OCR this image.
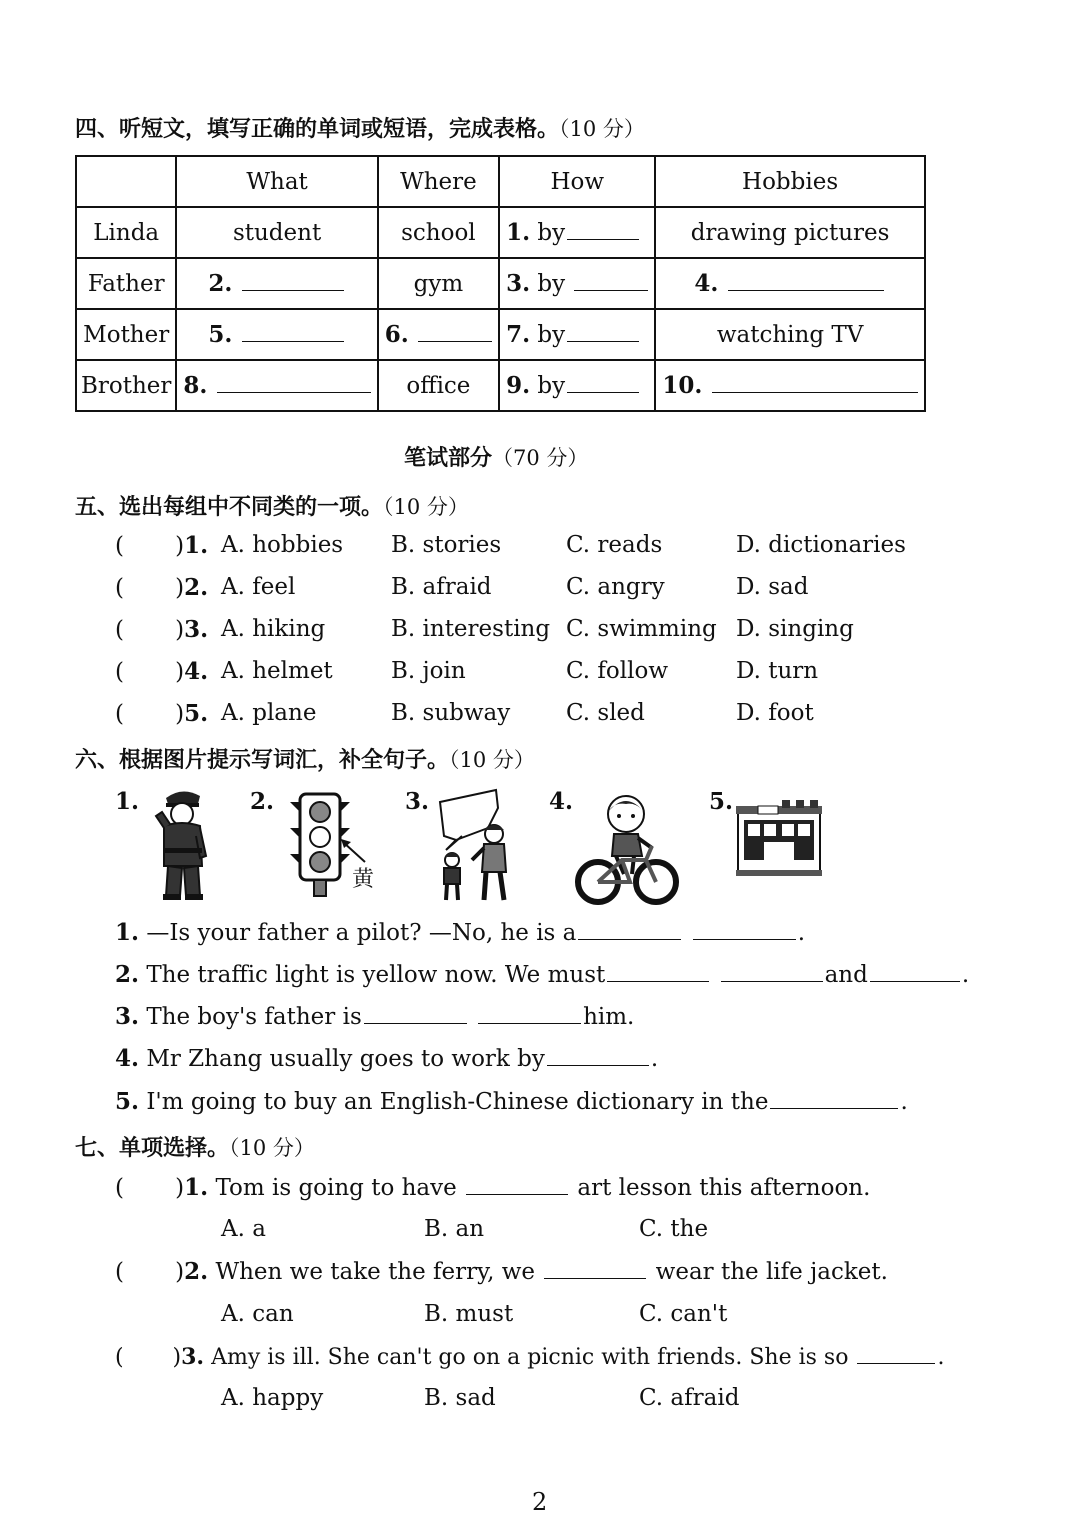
四、听短文，填写正确的单词或短语，完成表格。（10 分）
	What	Where	How	Hobbies
Linda	student	school	1. by	drawing pictures
Father	2.	gym	3. by	4.
Mother	5.	6.	7. by	watching TV
Brother	8.	office	9. by	10.
笔试部分（70 分）
五、选出每组中不同类的一项。（10 分）
(       )1. A. hobbies B. stories	C. reads	D. dictionaries
(       )2. A. feel	B. afraid	C. angry	D. sad
(       )3. A. hiking	B. interesting C. swimming D. singing
(       )4. A. helmet	B. join	C. follow	D. turn
(       )5. A. plane	B. subway C. sled	D. foot
六、根据图片提示写词汇，补全句子。（10 分）
1.	2.	3.	4.	5.
黄
1. —Is your father a pilot? —No, he is a	.
2. The traffic light is yellow now. We must	and	.
3. The boy's father is	him.
4. Mr Zhang usually goes to work by	.
5. I'm going to buy an English-Chinese dictionary in the	.
七、单项选择。（10 分）
(       )1. Tom is going to have	art lesson this afternoon.
A. a	B. an	C. the
(       )2. When we take the ferry, we	wear the life jacket.
A. can	B. must	C. can't
(       )3. Amy is ill. She can't go on a picnic with friends. She is so	.
A. happy	B. sad	C. afraid
2
